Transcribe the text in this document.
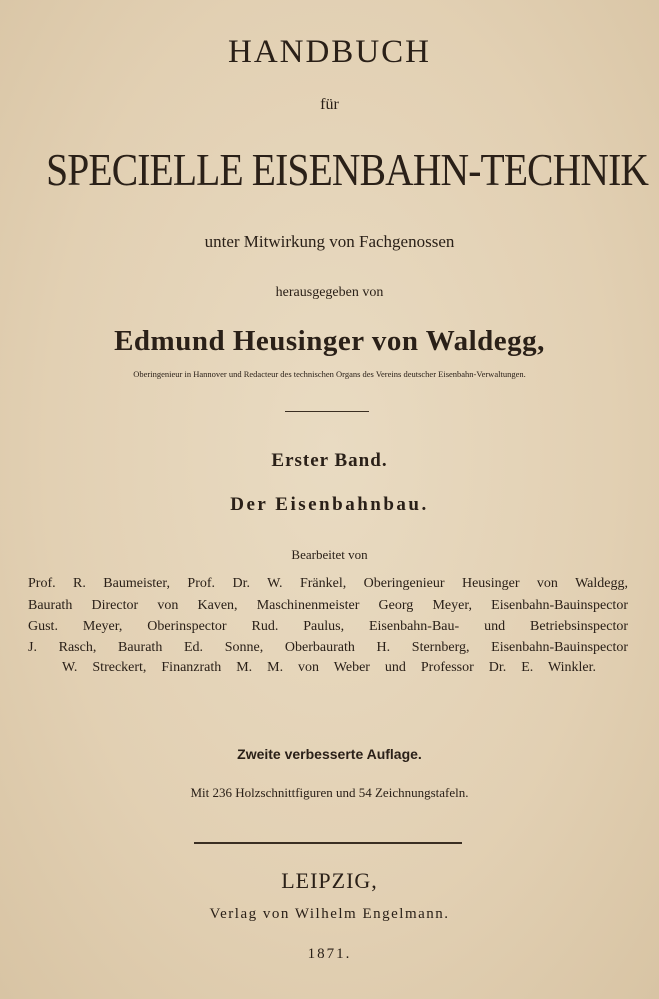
HANDBUCH
für
SPECIELLE EISENBAHN-TECHNIK
unter Mitwirkung von Fachgenossen
herausgegeben von
Edmund Heusinger von Waldegg,
Oberingenieur in Hannover und Redacteur des technischen Organs des Vereins deutscher Eisenbahn-Verwaltungen.
Erster Band.
Der Eisenbahnbau.
Bearbeitet von
Prof. R. Baumeister, Prof. Dr. W. Fränkel, Oberingenieur Heusinger von Waldegg,
Baurath Director von Kaven, Maschinenmeister Georg Meyer, Eisenbahn-Bauinspector
Gust. Meyer, Oberinspector Rud. Paulus, Eisenbahn-Bau- und Betriebsinspector
J. Rasch, Baurath Ed. Sonne, Oberbaurath H. Sternberg, Eisenbahn-Bauinspector
W. Streckert, Finanzrath M. M. von Weber und Professor Dr. E. Winkler.
Zweite verbesserte Auflage.
Mit 236 Holzschnittfiguren und 54 Zeichnungstafeln.
LEIPZIG,
Verlag von Wilhelm Engelmann.
1871.
